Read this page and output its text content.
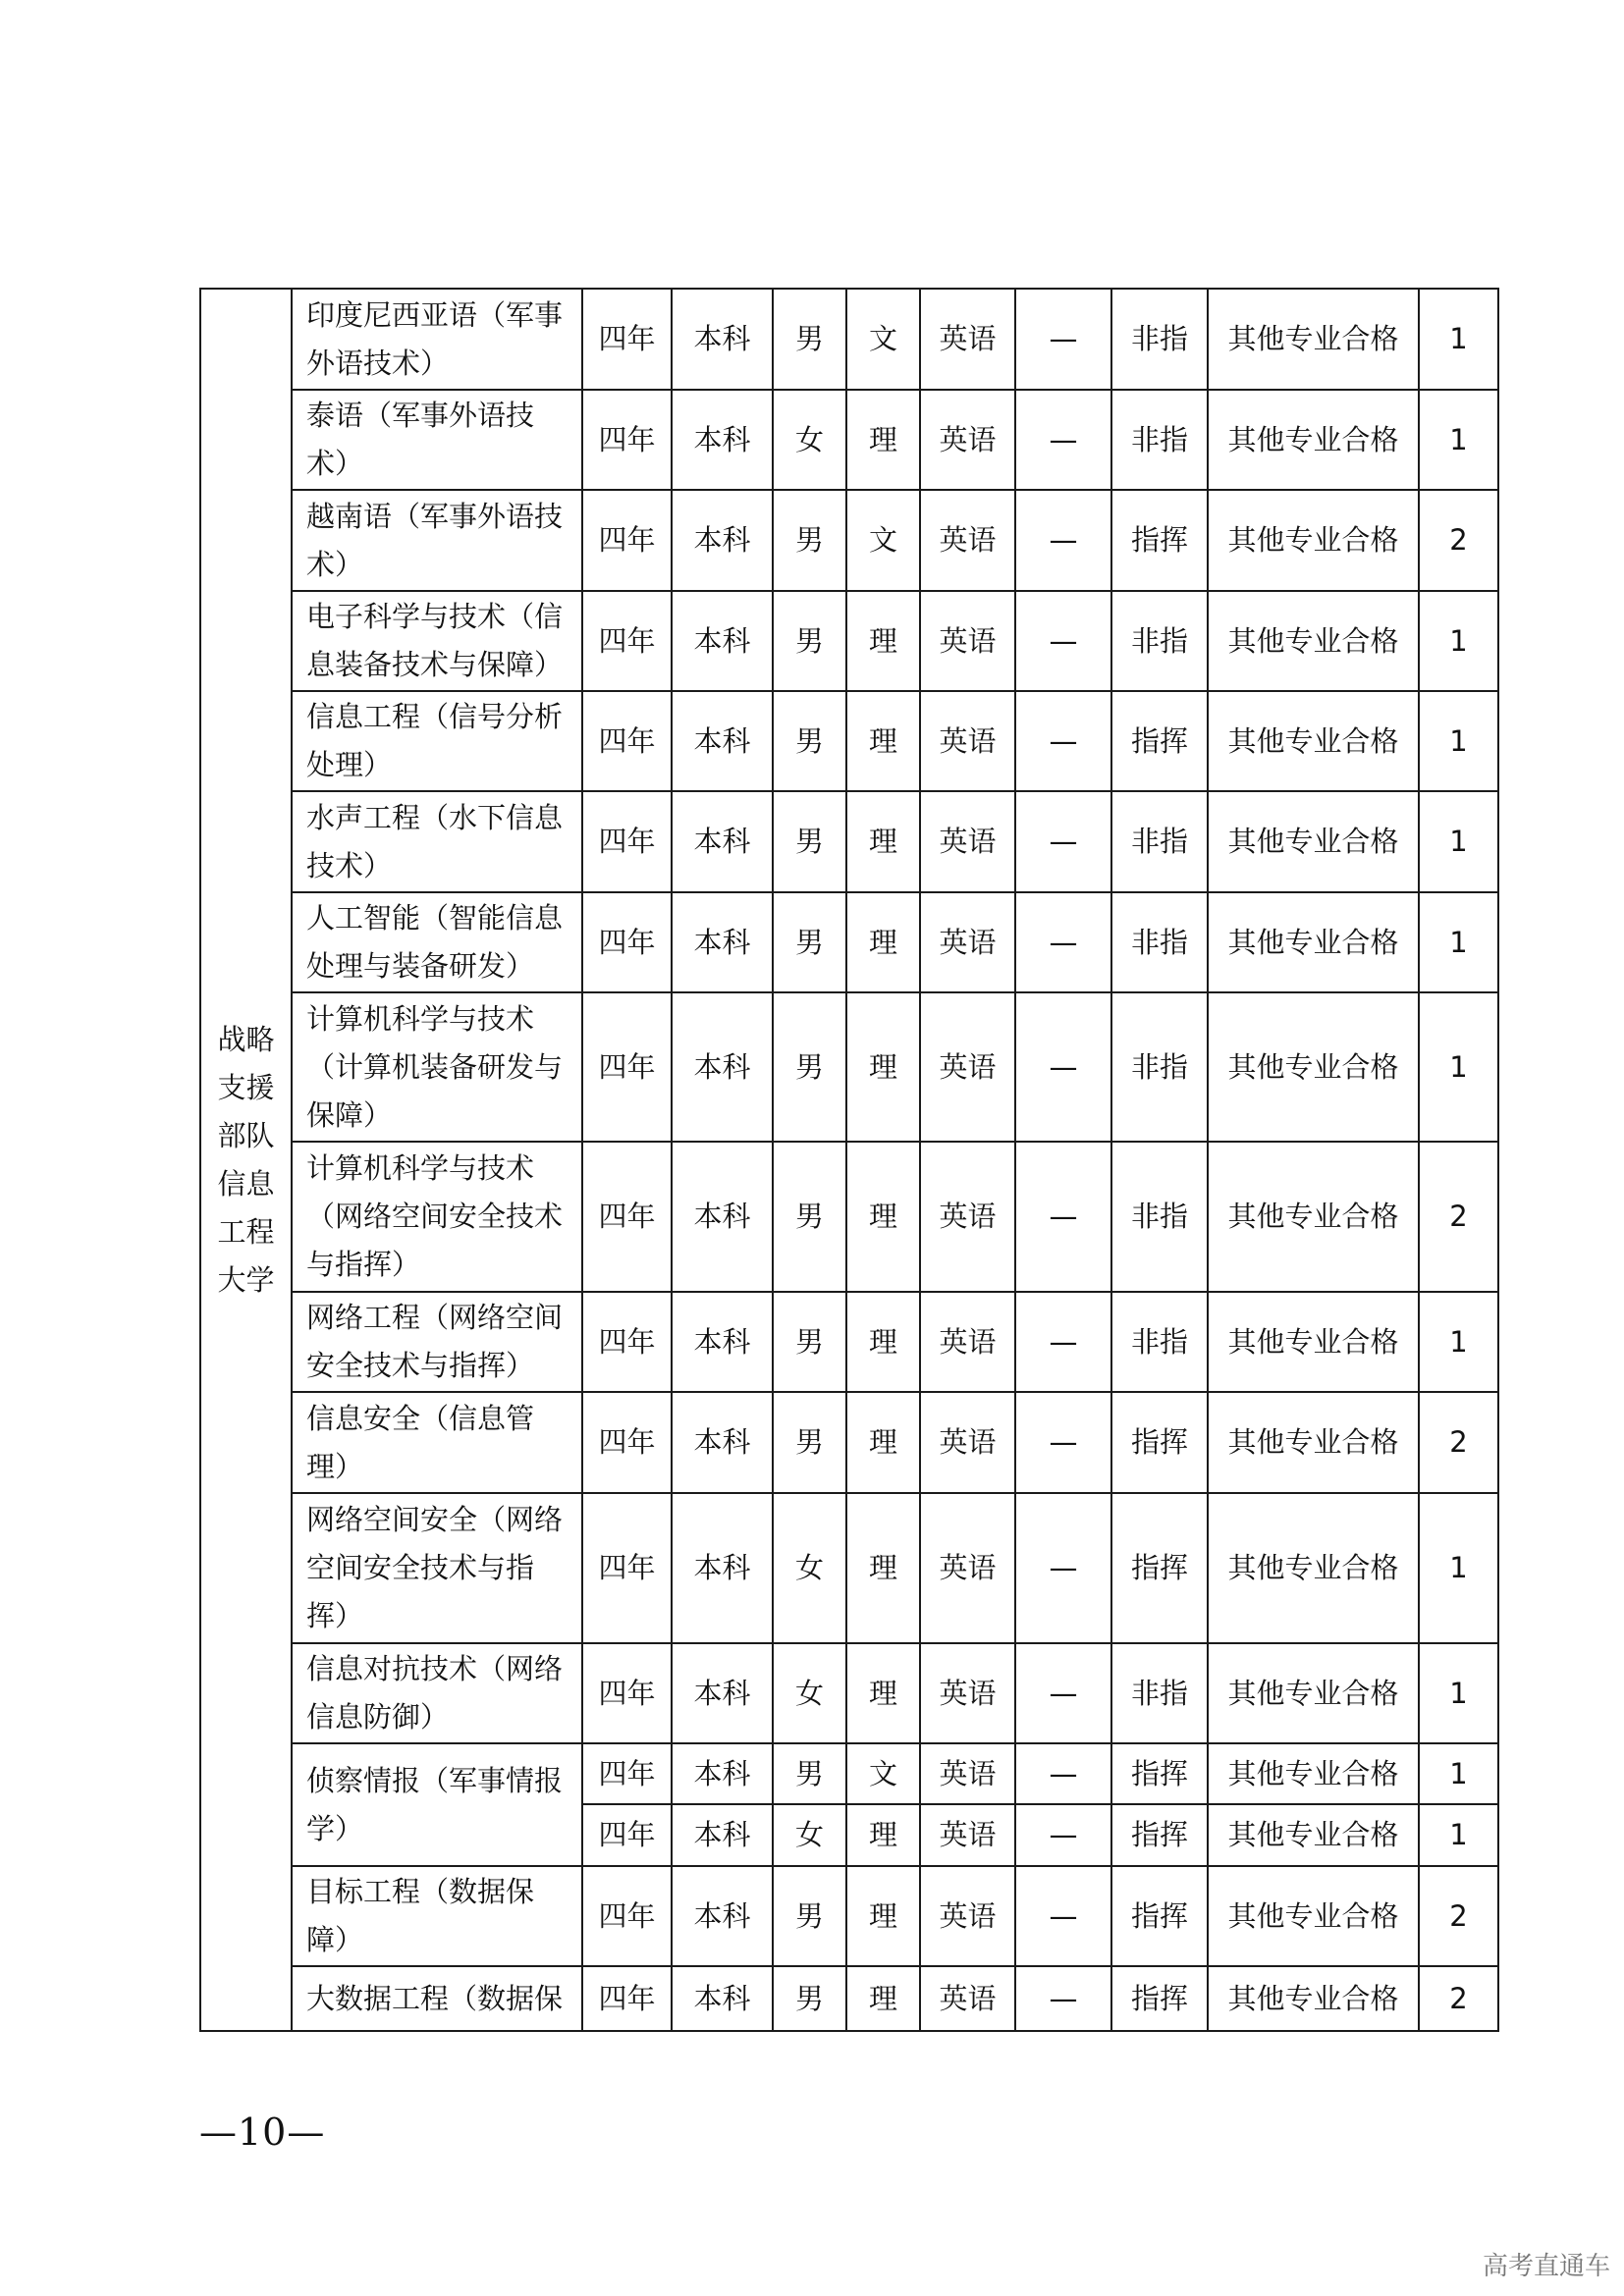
战略支援部队信息工程大学	印度尼西亚语（军事外语技术）	四年	本科	男	文	英语	—	非指	其他专业合格	1
	泰语（军事外语技术）	四年	本科	女	理	英语	—	非指	其他专业合格	1
	越南语（军事外语技术）	四年	本科	男	文	英语	—	指挥	其他专业合格	2
	电子科学与技术（信息装备技术与保障）	四年	本科	男	理	英语	—	非指	其他专业合格	1
	信息工程（信号分析处理）	四年	本科	男	理	英语	—	指挥	其他专业合格	1
	水声工程（水下信息技术）	四年	本科	男	理	英语	—	非指	其他专业合格	1
	人工智能（智能信息处理与装备研发）	四年	本科	男	理	英语	—	非指	其他专业合格	1
	计算机科学与技术（计算机装备研发与保障）	四年	本科	男	理	英语	—	非指	其他专业合格	1
	计算机科学与技术（网络空间安全技术与指挥）	四年	本科	男	理	英语	—	非指	其他专业合格	2
	网络工程（网络空间安全技术与指挥）	四年	本科	男	理	英语	—	非指	其他专业合格	1
	信息安全（信息管理）	四年	本科	男	理	英语	—	指挥	其他专业合格	2
	网络空间安全（网络空间安全技术与指挥）	四年	本科	女	理	英语	—	指挥	其他专业合格	1
	信息对抗技术（网络信息防御）	四年	本科	女	理	英语	—	非指	其他专业合格	1
	侦察情报（军事情报学）	四年	本科	男	文	英语	—	指挥	其他专业合格	1
		四年	本科	女	理	英语	—	指挥	其他专业合格	1
	目标工程（数据保障）	四年	本科	男	理	英语	—	指挥	其他专业合格	2
	大数据工程（数据保	四年	本科	男	理	英语	—	指挥	其他专业合格	2
—10—
高考直通车
